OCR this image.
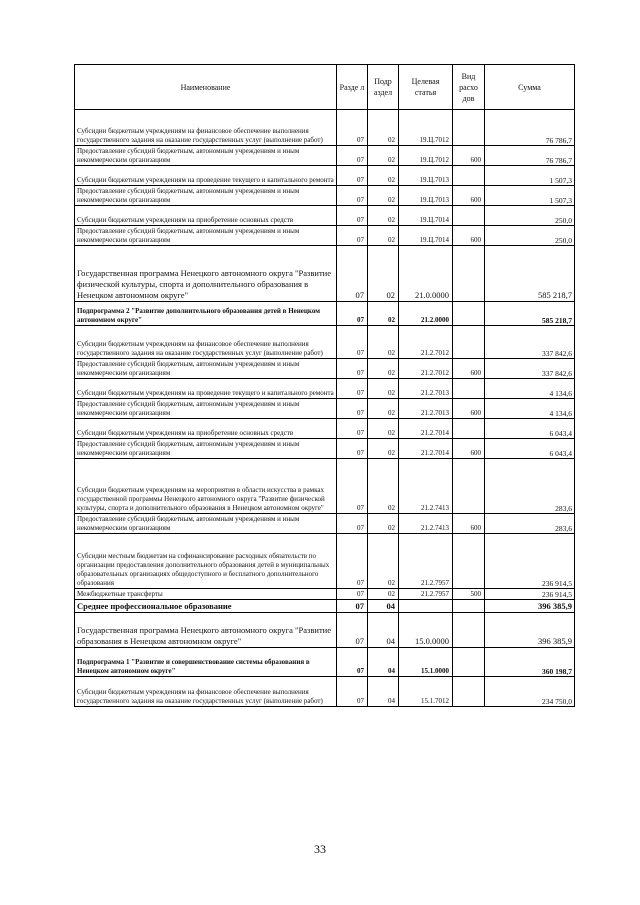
Наименование	Разде л	Подр аздел	Целевая статья	Вид расхо дов	Сумма
Субсидии бюджетным учреждениям на финансовое обеспечение выполнения государственного задания на оказание государственных услуг (выполнение работ)	07	02	19.Ц.7012		76 786,7
Предоставление субсидий бюджетным, автономным учреждениям и иным некоммерческим организациям	07	02	19.Ц.7012	600	76 786,7
Субсидии бюджетным учреждениям на проведение текущего и капитального ремонта	07	02	19.Ц.7013		1 507,3
Предоставление субсидий бюджетным, автономным учреждениям и иным некоммерческим организациям	07	02	19.Ц.7013	600	1 507,3
Субсидии бюджетным учреждениям на приобретение основных средств	07	02	19.Ц.7014		250,0
Предоставление субсидий бюджетным, автономным учреждениям и иным некоммерческим организациям	07	02	19.Ц.7014	600	250,0
Государственная программа Ненецкого автономного округа "Развитие физической культуры, спорта и дополнительного образования в Ненецком автономном округе"	07	02	21.0.0000		585 218,7
Подпрограмма 2 "Развитие дополнительного образования детей в Ненецком автономном округе"	07	02	21.2.0000		585 218,7
Субсидии бюджетным учреждениям на финансовое обеспечение выполнения государственного задания на оказание государственных услуг (выполнение работ)	07	02	21.2.7012		337 842,6
Предоставление субсидий бюджетным, автономным учреждениям и иным некоммерческим организациям	07	02	21.2.7012	600	337 842,6
Субсидии бюджетным учреждениям на проведение текущего и капитального ремонта	07	02	21.2.7013		4 134,6
Предоставление субсидий бюджетным, автономным учреждениям и иным некоммерческим организациям	07	02	21.2.7013	600	4 134,6
Субсидии бюджетным учреждениям на приобретение основных средств	07	02	21.2.7014		6 043,4
Предоставление субсидий бюджетным, автономным учреждениям и иным некоммерческим организациям	07	02	21.2.7014	600	6 043,4
Субсидии бюджетным учреждениям на мероприятия в области искусства в рамках государственной программы Ненецкого автономного округа "Развитие физической культуры, спорта и дополнительного образования в Ненецком автономном округе"	07	02	21.2.7413		283,6
Предоставление субсидий бюджетным, автономным учреждениям и иным некоммерческим организациям	07	02	21.2.7413	600	283,6
Субсидии местным бюджетам на софинансирование расходных обязательств по организации предоставления дополнительного образования детей в муниципальных образовательных организациях общедоступного и бесплатного дополнительного образования	07	02	21.2.7957		236 914,5
Межбюджетные трансферты	07	02	21.2.7957	500	236 914,5
Среднее профессиональное образование	07	04			396 385,9
Государственная программа Ненецкого автономного округа "Развитие образования в Ненецком автономном округе"	07	04	15.0.0000		396 385,9
Подпрограмма 1 "Развитие и совершенствование системы образования в Ненецком автономном округе"	07	04	15.1.0000		360 198,7
Субсидии бюджетным учреждениям на финансовое обеспечение выполнения государственного задания на оказание государственных услуг (выполнение работ)	07	04	15.1.7012		234 750,0
33
